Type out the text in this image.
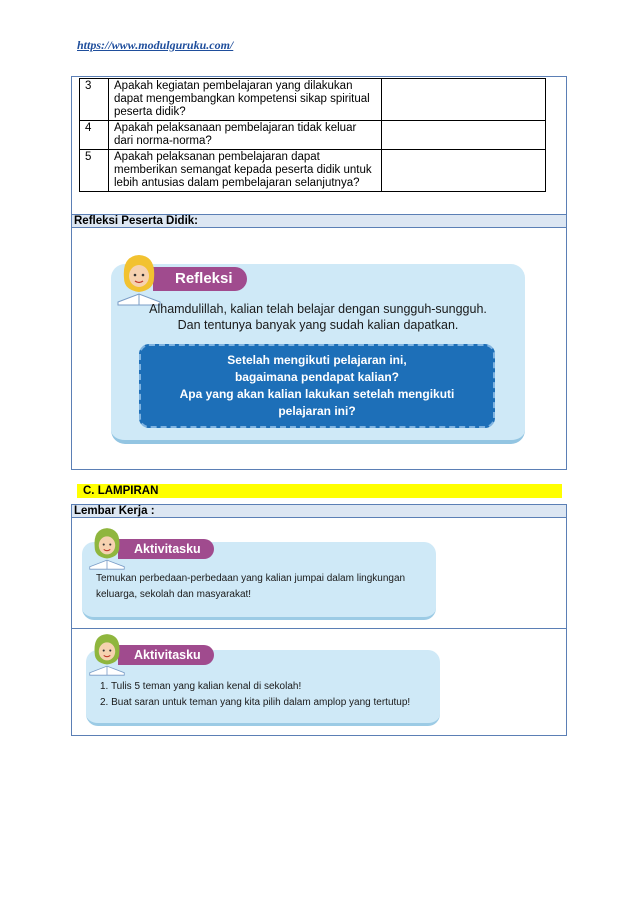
https://www.modulguruku.com/
3	Apakah kegiatan pembelajaran yang dilakukan
dapat mengembangkan kompetensi sikap spiritual
peserta didik?	

4	Apakah pelaksanaan pembelajaran tidak keluar
dari norma-norma?	

5	Apakah pelaksanan pembelajaran dapat
memberikan semangat kepada peserta didik untuk
lebih antusias dalam pembelajaran selanjutnya?	

Refleksi Peserta Didik:
Refleksi
Alhamdulillah, kalian telah belajar dengan sungguh-sungguh.
Dan tentunya banyak yang sudah kalian dapatkan.
Setelah mengikuti pelajaran ini,
bagaimana pendapat kalian?
Apa yang akan kalian lakukan setelah mengikuti
pelajaran ini?
C. LAMPIRAN
Lembar Kerja :
Aktivitasku
Temukan perbedaan-perbedaan yang kalian jumpai dalam lingkungan
keluarga, sekolah dan masyarakat!
Aktivitasku
1. Tulis 5 teman yang kalian kenal di sekolah!
2. Buat saran untuk teman yang kita pilih dalam amplop yang tertutup!
